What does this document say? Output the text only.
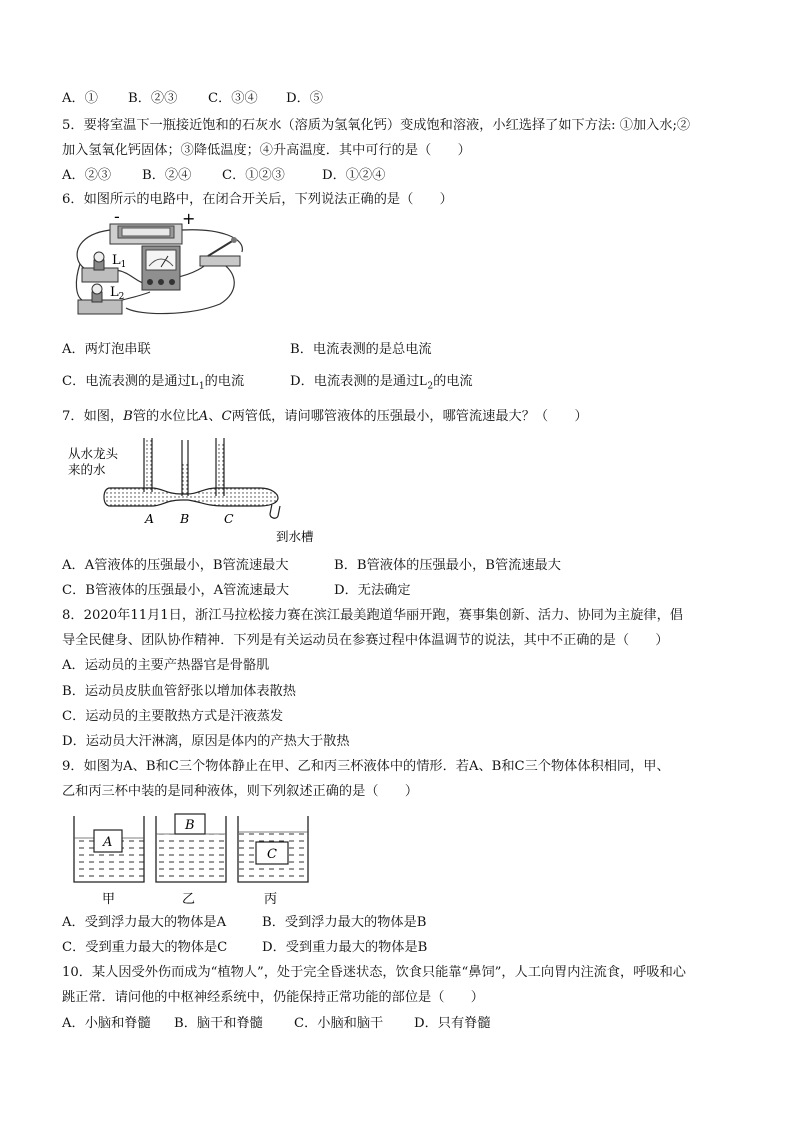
A．① B．②③ C．③④ D．⑤
5．要将室温下一瓶接近饱和的石灰水（溶质为氢氧化钙）变成饱和溶液，小红选择了如下方法: ①加入水;②
加入氢氧化钙固体；③降低温度；④升高温度．其中可行的是（　　）
A．②③ B．②④ C．①②③	D．①②④
6．如图所示的电路中，在闭合开关后，下列说法正确的是（　　）
-	+
$L_1$
$L_2$
A．两灯泡串联	B．电流表测的是总电流
C．电流表测的是通过$L_1$的电流	D．电流表测的是通过$L_2$的电流
7．如图，B管的水位比A、C两管低，请问哪管液体的压强最小，哪管流速最大？（　　）
从水龙头
来的水
A B	C
到水槽
A．A管液体的压强最小，B管流速最大	B．B管液体的压强最小，B管流速最大
C．B管液体的压强最小，A管流速最大	D．无法确定
8．2020年11月1日，浙江马拉松接力赛在滨江最美跑道华丽开跑，赛事集创新、活力、协同为主旋律，倡
导全民健身、团队协作精神．下列是有关运动员在参赛过程中体温调节的说法，其中不正确的是（　　）
A．运动员的主要产热器官是骨骼肌
B．运动员皮肤血管舒张以增加体表散热
C．运动员的主要散热方式是汗液蒸发
D．运动员大汗淋漓，原因是体内的产热大于散热
9．如图为A、B和C三个物体静止在甲、乙和丙三杯液体中的情形．若A、B和C三个物体体积相同，甲、
乙和丙三杯中装的是同种液体，则下列叙述正确的是（　　）
A
B
C
甲	乙	丙
A．受到浮力最大的物体是A	B．受到浮力最大的物体是B
C．受到重力最大的物体是C	D．受到重力最大的物体是B
10．某人因受外伤而成为“植物人”，处于完全昏迷状态，饮食只能靠“鼻饲”，人工向胃内注流食，呼吸和心
跳正常．请问他的中枢神经系统中，仍能保持正常功能的部位是（　　）
A．小脑和脊髓 B．脑干和脊髓 C．小脑和脑干 D．只有脊髓
